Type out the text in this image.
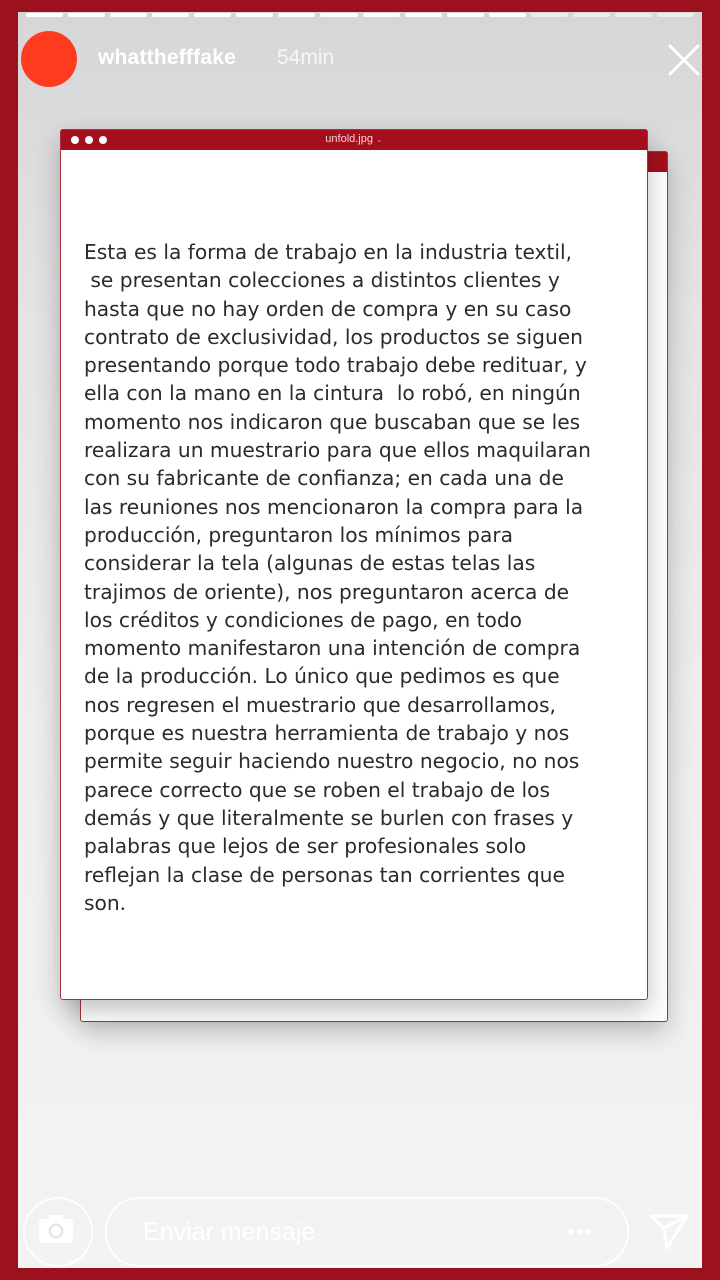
whatthefffake 54min
unfold.jpg ⌄
Esta es la forma de trabajo en la industria textil,
se presentan colecciones a distintos clientes y
hasta que no hay orden de compra y en su caso
contrato de exclusividad, los productos se siguen
presentando porque todo trabajo debe redituar, y
ella con la mano en la cintura  lo robó, en ningún
momento nos indicaron que buscaban que se les
realizara un muestrario para que ellos maquilaran
con su fabricante de confianza; en cada una de
las reuniones nos mencionaron la compra para la
producción, preguntaron los mínimos para
considerar la tela (algunas de estas telas las
trajimos de oriente), nos preguntaron acerca de
los créditos y condiciones de pago, en todo
momento manifestaron una intención de compra
de la producción. Lo único que pedimos es que
nos regresen el muestrario que desarrollamos,
porque es nuestra herramienta de trabajo y nos
permite seguir haciendo nuestro negocio, no nos
parece correcto que se roben el trabajo de los
demás y que literalmente se burlen con frases y
palabras que lejos de ser profesionales solo
reflejan la clase de personas tan corrientes que
son.
Enviar mensaje	•••
